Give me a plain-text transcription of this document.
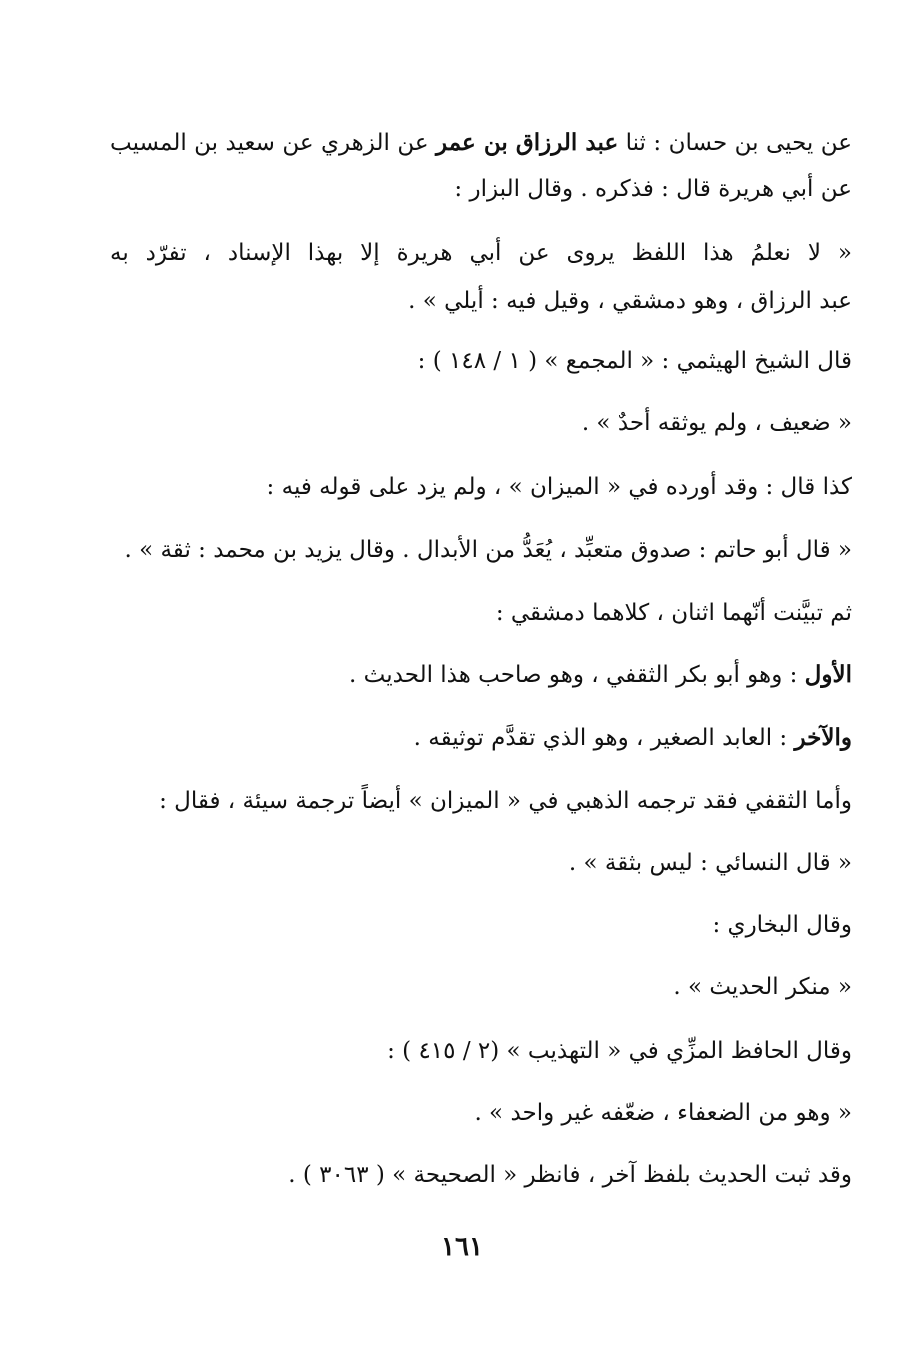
عن يحيى بن حسان : ثنا عبد الرزاق بن عمر عن الزهري عن سعيد بن المسيب
عن أبي هريرة قال : فذكره . وقال البزار :
« لا نعلمُ هذا اللفظ يروى عن أبي هريرة إلا بهذا الإسناد ، تفرّد به
عبد الرزاق ، وهو دمشقي ، وقيل فيه : أيلي » .
قال الشيخ الهيثمي : « المجمع » ( ١ / ١٤٨ ) :
« ضعيف ، ولم يوثقه أحدٌ » .
كذا قال : وقد أورده في « الميزان » ، ولم يزد على قوله فيه :
« قال أبو حاتم : صدوق متعبِّد ، يُعَدُّ من الأبدال . وقال يزيد بن محمد : ثقة » .
ثم تبيَّنت أنّهما اثنان ، كلاهما دمشقي :
الأول : وهو أبو بكر الثقفي ، وهو صاحب هذا الحديث .
والآخر : العابد الصغير ، وهو الذي تقدَّم توثيقه .
وأما الثقفي فقد ترجمه الذهبي في « الميزان » أيضاً ترجمة سيئة ، فقال :
« قال النسائي : ليس بثقة » .
وقال البخاري :
« منكر الحديث » .
وقال الحافظ المزِّي في « التهذيب » (٢ / ٤١٥ ) :
« وهو من الضعفاء ، ضعّفه غير واحد » .
وقد ثبت الحديث بلفظ آخر ، فانظر « الصحيحة » ( ٣٠٦٣ ) .
١٦١
